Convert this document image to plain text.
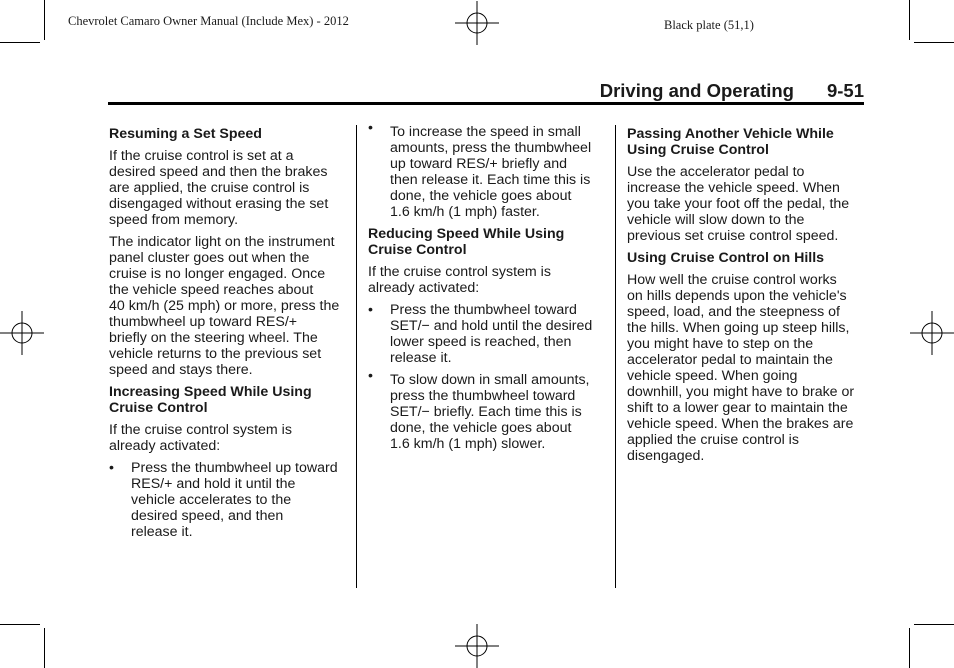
Chevrolet Camaro Owner Manual (Include Mex) - 2012	Black plate (51,1)
Driving and Operating 9-51
Resuming a Set Speed

If the cruise control is set at a
desired speed and then the brakes
are applied, the cruise control is
disengaged without erasing the set
speed from memory.

The indicator light on the instrument
panel cluster goes out when the
cruise is no longer engaged. Once
the vehicle speed reaches about
40 km/h (25 mph) or more, press the
thumbwheel up toward RES/+
briefly on the steering wheel. The
vehicle returns to the previous set
speed and stays there.

Increasing Speed While Using
Cruise Control

If the cruise control system is
already activated:

• Press the thumbwheel up toward
RES/+ and hold it until the
vehicle accelerates to the
desired speed, and then
release it.
• To increase the speed in small
amounts, press the thumbwheel
up toward RES/+ briefly and
then release it. Each time this is
done, the vehicle goes about
1.6 km/h (1 mph) faster.
Reducing Speed While Using
Cruise Control

If the cruise control system is
already activated:

• Press the thumbwheel toward
SET/− and hold until the desired
lower speed is reached, then
release it.
• To slow down in small amounts,
press the thumbwheel toward
SET/− briefly. Each time this is
done, the vehicle goes about
1.6 km/h (1 mph) slower.
Passing Another Vehicle While
Using Cruise Control

Use the accelerator pedal to
increase the vehicle speed. When
you take your foot off the pedal, the
vehicle will slow down to the
previous set cruise control speed.

Using Cruise Control on Hills

How well the cruise control works
on hills depends upon the vehicle's
speed, load, and the steepness of
the hills. When going up steep hills,
you might have to step on the
accelerator pedal to maintain the
vehicle speed. When going
downhill, you might have to brake or
shift to a lower gear to maintain the
vehicle speed. When the brakes are
applied the cruise control is
disengaged.
